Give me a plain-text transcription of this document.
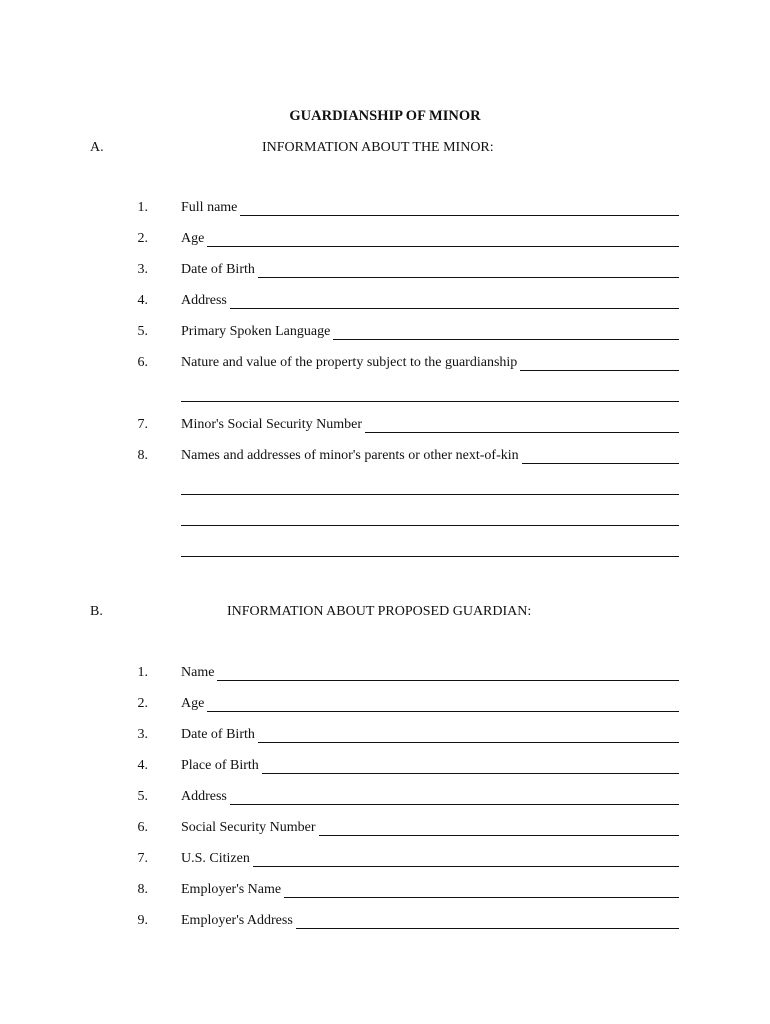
GUARDIANSHIP OF MINOR
A.	INFORMATION ABOUT THE MINOR:
1. Full name
2. Age
3. Date of Birth
4. Address
5. Primary Spoken Language
6. Nature and value of the property subject to the guardianship
7. Minor's Social Security Number
8. Names and addresses of minor's parents or other next-of-kin
B.	INFORMATION ABOUT PROPOSED GUARDIAN:
1. Name
2. Age
3. Date of Birth
4. Place of Birth
5. Address
6. Social Security Number
7. U.S. Citizen
8. Employer's Name
9. Employer's Address
